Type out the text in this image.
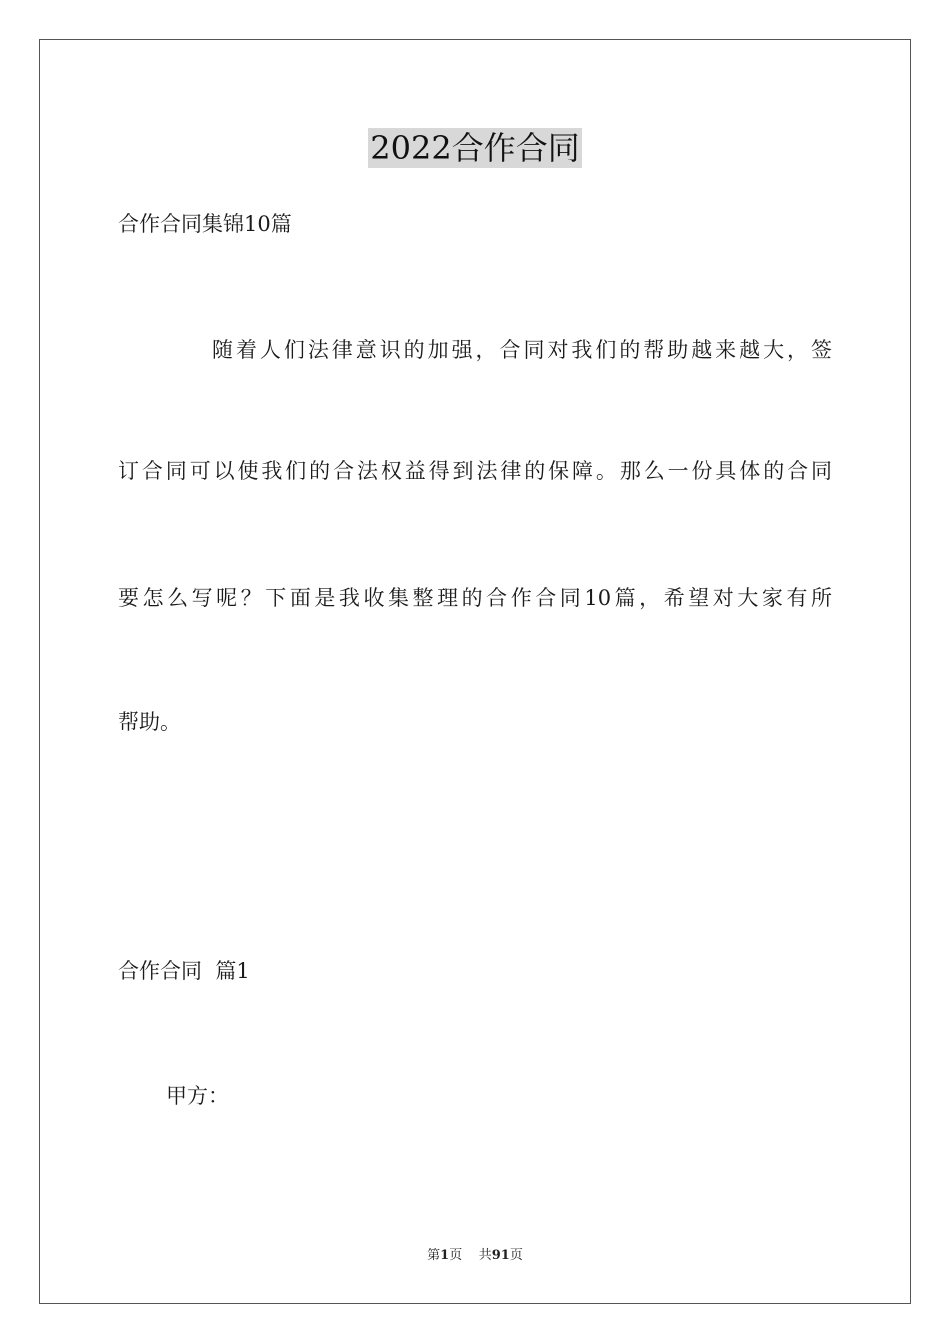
2022合作合同
合作合同集锦10篇
随着人们法律意识的加强，合同对我们的帮助越来越大，签
订合同可以使我们的合法权益得到法律的保障。那么一份具体的合同
要怎么写呢？下面是我收集整理的合作合同10篇，希望对大家有所
帮助。
合作合同  篇1
甲方：
第1页 共91页
